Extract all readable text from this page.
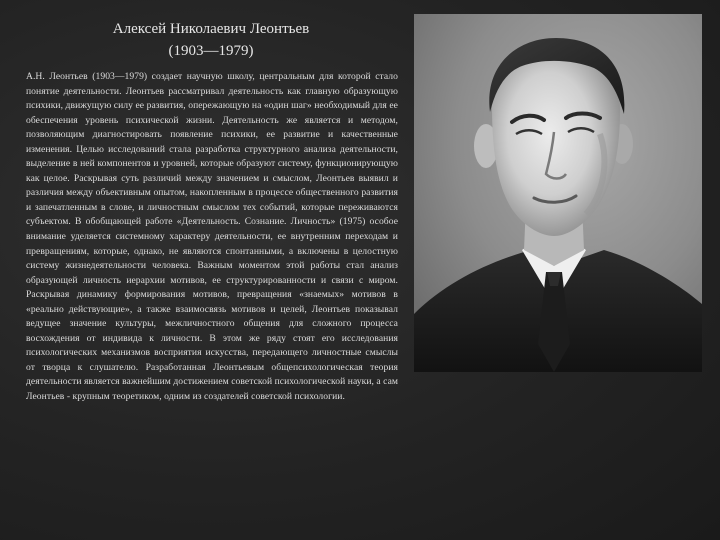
Алексей Николаевич Леонтьев
(1903—1979)
А.Н. Леонтьев (1903—1979) создает научную школу, центральным для которой стало понятие деятельности. Леонтьев рассматривал деятельность как главную образующую психики, движущую силу ее развития, опережающую на «один шаг» необходимый для ее обеспечения уровень психической жизни. Деятельность же является и методом, позволяющим диагностировать появление психики, ее развитие и качественные изменения. Целью исследований стала разработка структурного анализа деятельности, выделение в ней компонентов и уровней, которые образуют систему, функционирующую как целое. Раскрывая суть различий между значением и смыслом, Леонтьев выявил и различия между объективным опытом, накопленным в процессе общественного развития и запечатленным в слове, и личностным смыслом тех событий, которые переживаются субъектом. В обобщающей работе «Деятельность. Сознание. Личность» (1975) особое внимание уделяется системному характеру деятельности, ее внутренним переходам и превращениям, которые, однако, не являются спонтанными, а включены в целостную систему жизнедеятельности человека. Важным моментом этой работы стал анализ образующей личность иерархии мотивов, ее структурированности и связи с миром. Раскрывая динамику формирования мотивов, превращения «знаемых» мотивов в «реально действующие», а также взаимосвязь мотивов и целей, Леонтьев показывал ведущее значение культуры, межличностного общения для сложного процесса восхождения от индивида к личности. В этом же ряду стоят его исследования психологических механизмов восприятия искусства, передающего личностные смыслы от творца к слушателю. Разработанная Леонтьевым общепсихологическая теория деятельности является важнейшим достижением советской психологической науки, а сам Леонтьев - крупным теоретиком, одним из создателей советской психологии.
